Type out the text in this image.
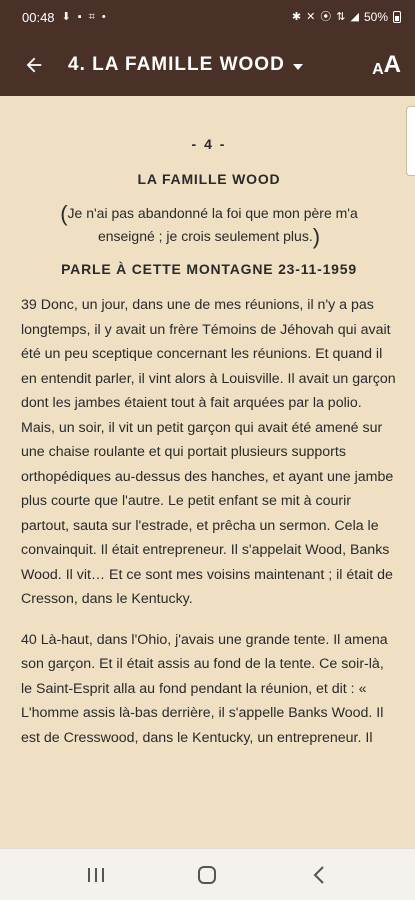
00:48 ⬇ ▪ ⌗ •	✱ ✕ ⦿ ⇅ ◢ 50%
4. LA FAMILLE WOOD	A A
- 4 -
LA FAMILLE WOOD
(Je n'ai pas abandonné la foi que mon père m'a enseigné ; je crois seulement plus.)
PARLE À CETTE MONTAGNE 23-11-1959

39 Donc, un jour, dans une de mes réunions, il n'y a pas longtemps, il y avait un frère Témoins de Jéhovah qui avait été un peu sceptique concernant les réunions. Et quand il en entendit parler, il vint alors à Louisville. Il avait un garçon dont les jambes étaient tout à fait arquées par la polio. Mais, un soir, il vit un petit garçon qui avait été amené sur une chaise roulante et qui portait plusieurs supports orthopédiques au-dessus des hanches, et ayant une jambe plus courte que l'autre. Le petit enfant se mit à courir partout, sauta sur l'estrade, et prêcha un sermon. Cela le convainquit. Il était entrepreneur. Il s'appelait Wood, Banks Wood. Il vit… Et ce sont mes voisins maintenant ; il était de Cresson, dans le Kentucky.

40 Là-haut, dans l'Ohio, j'avais une grande tente. Il amena son garçon. Et il était assis au fond de la tente. Ce soir-là, le Saint-Esprit alla au fond pendant la réunion, et dit : « L'homme assis là-bas derrière, il s'appelle Banks Wood. Il est de Cresswood, dans le Kentucky, un entrepreneur. Il
